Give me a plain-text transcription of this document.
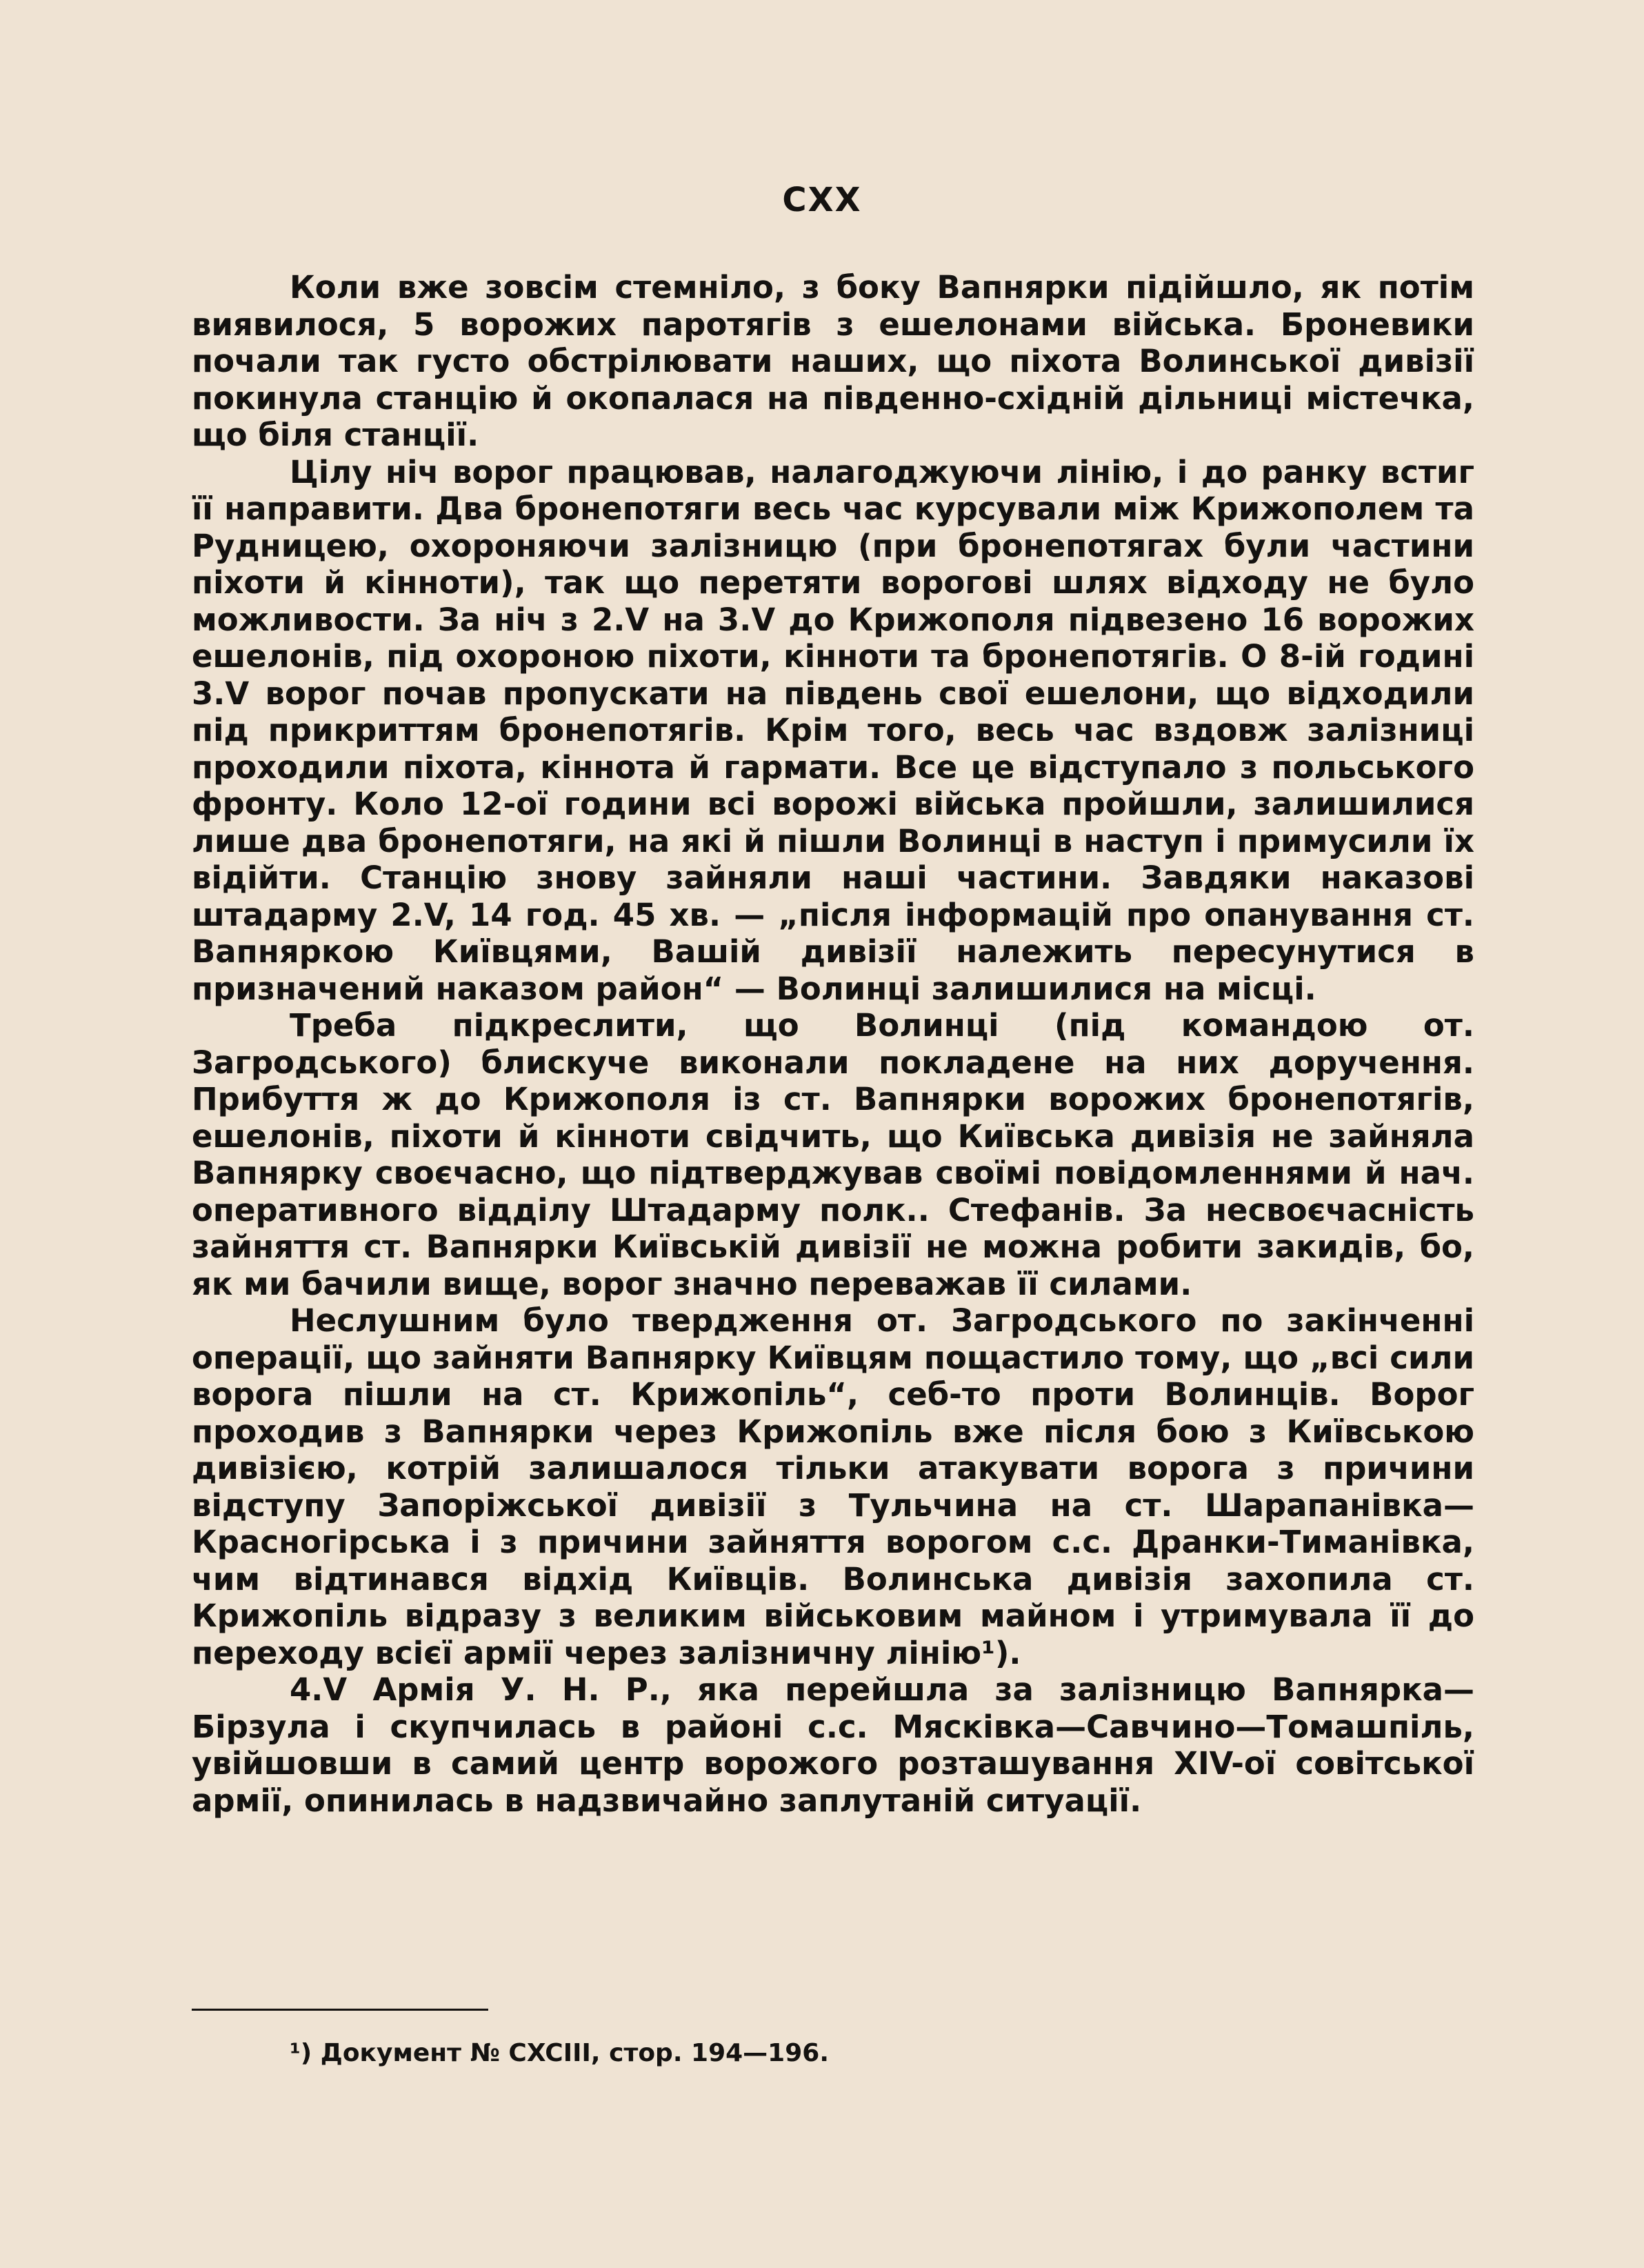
CXX

Коли вже зовсім стемніло, з боку Вапнярки підійшло, як потім виявилося, 5 ворожих паротягів з ешелонами війська. Броневики почали так густо обстрілювати наших, що піхота Волинської дивізії покинула станцію й окопалася на південно-східній дільниці містечка, що біля станції.

Цілу ніч ворог працював, налагоджуючи лінію, і до ранку встиг її направити. Два бронепотяги весь час курсували між Крижополем та Рудницею, охороняючи залізницю (при бронепотягах були частини піхоти й кінноти), так що перетяти ворогові шлях відходу не було можливости. За ніч з 2.V на 3.V до Крижополя підвезено 16 ворожих ешелонів, під охороною піхоти, кінноти та бронепотягів. О 8-ій годині 3.V ворог почав пропускати на південь свої ешелони, що відходили під прикриттям бронепотягів. Крім того, весь час вздовж залізниці проходили піхота, кіннота й гармати. Все це відступало з польського фронту. Коло 12-ої години всі ворожі війська пройшли, залишилися лише два бронепотяги, на які й пішли Волинці в наступ і примусили їх відійти. Станцію знову зайняли наші частини. Завдяки наказові штадарму 2.V, 14 год. 45 хв. — „після інформацій про опанування ст. Вапняркою Київцями, Вашій дивізії належить пересунутися в призначений наказом район“ — Волинці залишилися на місці.

Треба підкреслити, що Волинці (під командою от. Загродського) блискуче виконали покладене на них доручення. Прибуття ж до Крижополя із ст. Вапнярки ворожих бронепотягів, ешелонів, піхоти й кінноти свідчить, що Київська дивізія не зайняла Вапнярку своєчасно, що підтверджував своїмі повідомленнями й нач. оперативного відділу Штадарму полк.. Стефанів. За несвоєчасність зайняття ст. Вапнярки Київській дивізії не можна робити закидів, бо, як ми бачили вище, ворог значно переважав її силами.

Неслушним було твердження от. Загродського по закінченні операції, що зайняти Вапнярку Київцям пощастило тому, що „всі сили ворога пішли на ст. Крижопіль“, себ-то проти Волинців. Ворог проходив з Вапнярки через Крижопіль вже після бою з Київською дивізією, котрій залишалося тільки атакувати ворога з причини відступу Запоріжської дивізії з Тульчина на ст. Шарапанівка—Красногірська і з причини зайняття ворогом с.с. Дранки-Тиманівка, чим відтинався відхід Київців. Волинська дивізія захопила ст. Крижопіль відразу з великим військовим майном і утримувала її до переходу всієї армії через залізничну лінію¹).

4.V Армія У. Н. Р., яка перейшла за залізницю Вапнярка—Бірзула і скупчилась в районі с.с. Мясківка—Савчино—Томашпіль, увійшовши в самий центр ворожого розташування XIV-ої совітської армії, опинилась в надзвичайно заплутаній ситуації.

¹) Документ № CXCIII, стор. 194—196.
